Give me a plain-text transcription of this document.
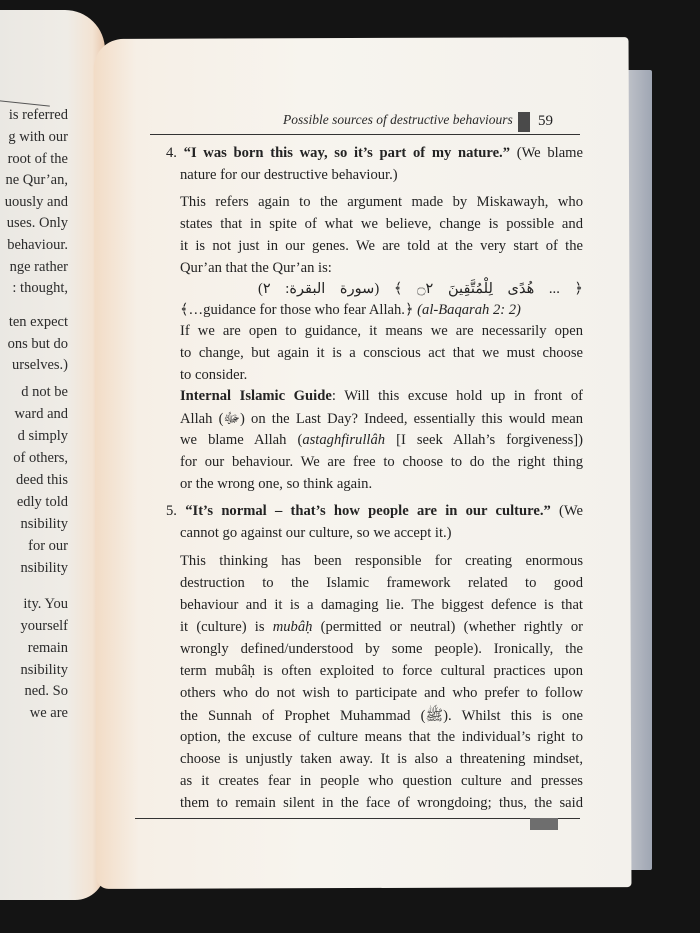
is referred
g with our
root of the
ne Qur’an,
uously and
uses. Only
behaviour.
nge rather
: thought,
ten expect
ons but do
urselves.)
d not be
ward and
d simply
of others,
deed this
edly told
nsibility
for our
nsibility
ity. You
yourself
remain
nsibility
ned. So
we are
Possible sources of destructive behaviours 59
4. “I was born this way, so it’s part of my nature.” (We blame
nature for our destructive behaviour.)
This refers again to the argument made by Miskawayh, who
states that in spite of what we believe, change is possible and
it is not just in our genes. We are told at the very start of the
Qur’an that the Qur’an is:
﴿ ... هُدًى لِلْمُتَّقِينَ ۝٢ ﴾ (سورة البقرة: ٢)
﴾…guidance for those who fear Allah.﴿ (al-Baqarah 2: 2)
If we are open to guidance, it means we are necessarily open
to change, but again it is a conscious act that we must choose
to consider.
Internal Islamic Guide: Will this excuse hold up in front of
Allah (ﷻ) on the Last Day? Indeed, essentially this would mean
we blame Allah (astaghfirullâh [I seek Allah’s forgiveness])
for our behaviour. We are free to choose to do the right thing
or the wrong one, so think again.
5. “It’s normal – that’s how people are in our culture.” (We
cannot go against our culture, so we accept it.)
This thinking has been responsible for creating enormous
destruction to the Islamic framework related to good
behaviour and it is a damaging lie. The biggest defence is that
it (culture) is mubâḥ (permitted or neutral) (whether rightly or
wrongly defined/understood by some people). Ironically, the
term mubâḥ is often exploited to force cultural practices upon
others who do not wish to participate and who prefer to follow
the Sunnah of Prophet Muhammad (ﷺ). Whilst this is one
option, the excuse of culture means that the individual’s right to
choose is unjustly taken away. It is also a threatening mindset,
as it creates fear in people who question culture and presses
them to remain silent in the face of wrongdoing; thus, the said
